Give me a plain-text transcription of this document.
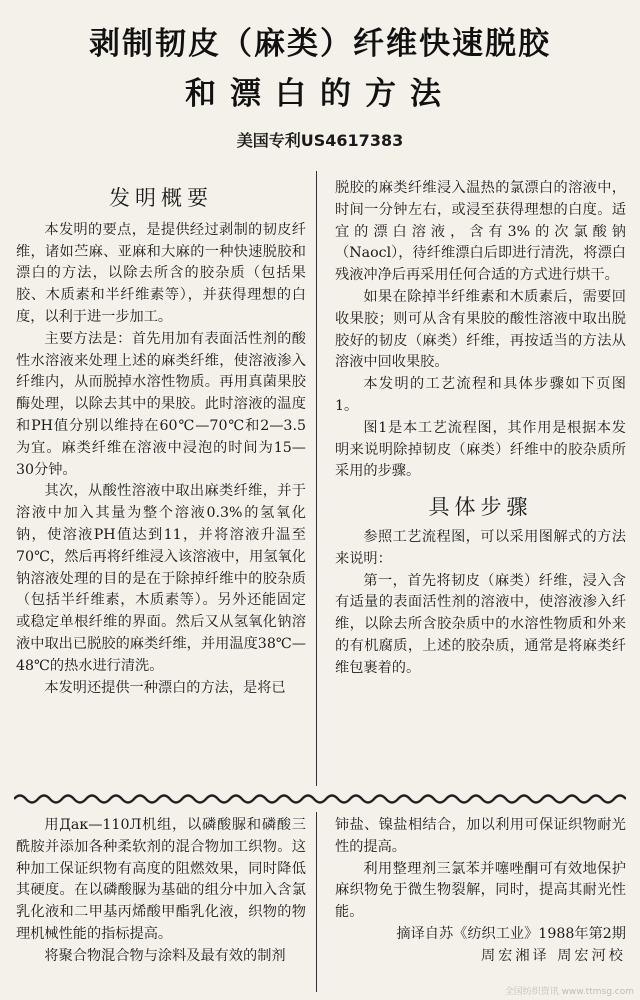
剥制韧皮（麻类）纤维快速脱胶
和漂白的方法
美国专利US4617383
发明概要

本发明的要点，是提供经过剥制的韧皮纤维，诸如苎麻、亚麻和大麻的一种快速脱胶和漂白的方法，以除去所含的胶杂质（包括果胶、木质素和半纤维素等），并获得理想的白度，以利于进一步加工。

主要方法是：首先用加有表面活性剂的酸性水溶液来处理上述的麻类纤维，使溶液渗入纤维内，从而脱掉水溶性物质。再用真菌果胶酶处理，以除去其中的果胶。此时溶液的温度和PH值分别以维持在60℃—70℃和2—3.5为宜。麻类纤维在溶液中浸泡的时间为15—30分钟。

其次，从酸性溶液中取出麻类纤维，并于溶液中加入其量为整个溶液0.3%的氢氧化钠，使溶液PH值达到11，并将溶液升温至70℃，然后再将纤维浸入该溶液中，用氢氧化钠溶液处理的目的是在于除掉纤维中的胶杂质（包括半纤维素，木质素等）。另外还能固定或稳定单根纤维的界面。然后又从氢氧化钠溶液中取出已脱胶的麻类纤维，并用温度38℃—48℃的热水进行清洗。

本发明还提供一种漂白的方法，是将已

脱胶的麻类纤维浸入温热的氯漂白的溶液中，时间一分钟左右，或浸至获得理想的白度。适宜的漂白溶液，含有3%的次氯酸钠（Naocl），待纤维漂白后即进行清洗，将漂白残液冲净后再采用任何合适的方式进行烘干。

如果在除掉半纤维素和木质素后，需要回收果胶；则可从含有果胶的酸性溶液中取出脱胶好的韧皮（麻类）纤维，再按适当的方法从溶液中回收果胶。

本发明的工艺流程和具体步骤如下页图1。

图1是本工艺流程图，其作用是根据本发明来说明除掉韧皮（麻类）纤维中的胶杂质所采用的步骤。

具体步骤

参照工艺流程图，可以采用图解式的方法来说明：

第一，首先将韧皮（麻类）纤维，浸入含有适量的表面活性剂的溶液中，使溶液渗入纤维，以除去所含胶杂质中的水溶性物质和外来的有机腐质，上述的胶杂质，通常是将麻类纤维包裹着的。

用Дак—110Л机组，以磷酸脲和磷酸三酰胺并添加各种柔软剂的混合物加工织物。这种加工保证织物有高度的阻燃效果，同时降低其硬度。在以磷酸脲为基础的组分中加入含氯乳化液和二甲基丙烯酸甲酯乳化液，织物的物理机械性能的指标提高。

将聚合物混合物与涂料及最有效的制剂

铈盐、镍盐相结合，加以利用可保证织物耐光性的提高。

利用整理剂三氯苯并噻唑酮可有效地保护麻织物免于微生物裂解，同时，提高其耐光性能。

摘译自苏《纺织工业》1988年第2期

周宏湘译 周宏河校

全国纺织资讯 www.ttmsg.com
